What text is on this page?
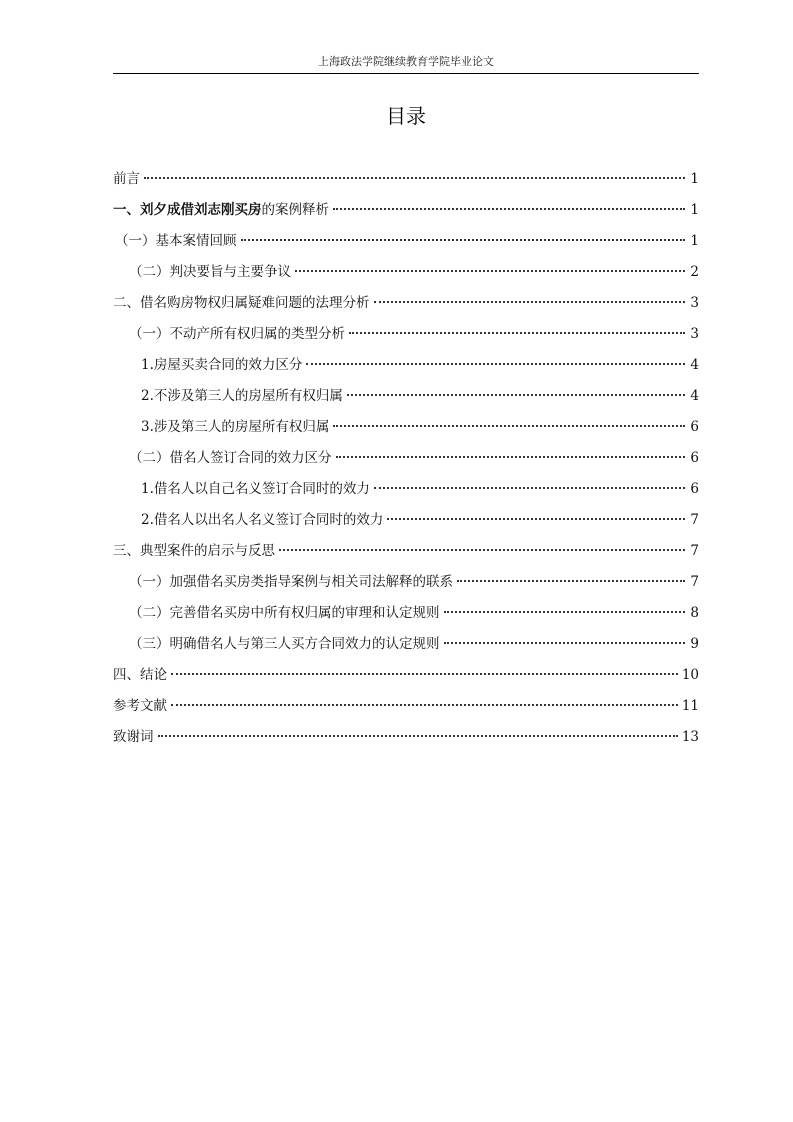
上海政法学院继续教育学院毕业论文
目录
前言	1
一、刘夕成借刘志刚买房的案例释析	1
（一）基本案情回顾	1
（二）判决要旨与主要争议	2
二、借名购房物权归属疑难问题的法理分析	3
（一）不动产所有权归属的类型分析	3
1.房屋买卖合同的效力区分	4
2.不涉及第三人的房屋所有权归属	4
3.涉及第三人的房屋所有权归属	6
（二）借名人签订合同的效力区分	6
1.借名人以自己名义签订合同时的效力	6
2.借名人以出名人名义签订合同时的效力	7
三、典型案件的启示与反思	7
（一）加强借名买房类指导案例与相关司法解释的联系	7
（二）完善借名买房中所有权归属的审理和认定规则	8
（三）明确借名人与第三人买方合同效力的认定规则	9
四、结论	10
参考文献	11
致谢词	13
